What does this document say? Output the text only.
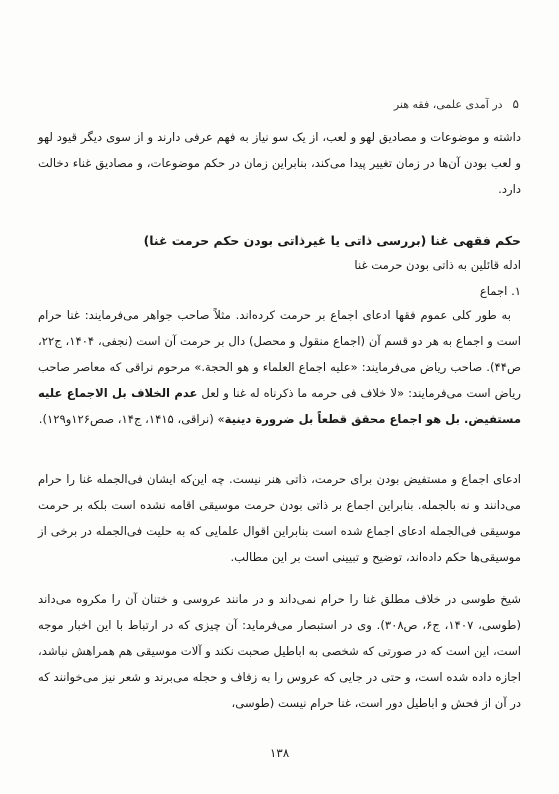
۵
در آمدی علمی، فقه هنر

داشته و موضوعات و مصادیق لهو و لعب، از یک سو نیاز به فهم عرفی دارند و از سوی دیگر قیود لهو و لعب بودن آن‌ها در زمان تغییر پیدا می‌کند، بنابراین زمان در حکم موضوعات، و مصادیق غناء دخالت دارد.

حکم فقهی غنا (بررسی ذاتی یا غیرذاتی بودن حکم حرمت غنا)
ادله قائلین به ذاتی بودن حرمت غنا
۱. اجماع

به طور کلی عموم فقها ادعای اجماع بر حرمت کرده‌اند. مثلاً صاحب جواهر می‌فرمایند: غنا حرام است و اجماع به هر دو قسم آن (اجماع منقول و محصل) دال بر حرمت آن است (نجفی، ۱۴۰۴، ج۲۲، ص۴۴). صاحب ریاض می‌فرمایند: «علیه اجماع العلماء و هو الحجة.» مرحوم نراقی که معاصر صاحب ریاض است می‌فرمایند: «لا خلاف فی حرمه ما ذکرناه له غنا و لعل عدم الخلاف بل الاجماع علیه مستفیض. بل هو اجماع محقق قطعاً بل ضرورة دینیة» (نراقی، ۱۴۱۵، ج۱۴، صص۱۲۶و۱۲۹).

ادعای اجماع و مستفیض بودن برای حرمت، ذاتی هنر نیست. چه این‌که ایشان فی‌الجمله غنا را حرام می‌دانند و نه بالجمله. بنابراین اجماع بر ذاتی بودن حرمت موسیقی اقامه نشده است بلکه بر حرمت موسیقی فی‌الجمله ادعای اجماع شده است بنابراین اقوال علمایی که به حلیت فی‌الجمله در برخی از موسیقی‌ها حکم داده‌اند، توضیح و تبیینی است بر این مطالب.

شیخ طوسی در خلاف مطلق غنا را حرام نمی‌داند و در مانند عروسی و ختنان آن را مکروه می‌داند (طوسی، ۱۴۰۷، ج۶، ص۳۰۸). وی در استبصار می‌فرماید: آن چیزی که در ارتباط با این اخبار موجه است، این است که در صورتی که شخصی به اباطیل صحبت نکند و آلات موسیقی هم همراهش نباشد، اجازه داده شده است، و حتی در جایی که عروس را به زفاف و حجله می‌برند و شعر نیز می‌خوانند که در آن از فحش و اباطیل دور است، غنا حرام نیست (طوسی،

۱۳۸
